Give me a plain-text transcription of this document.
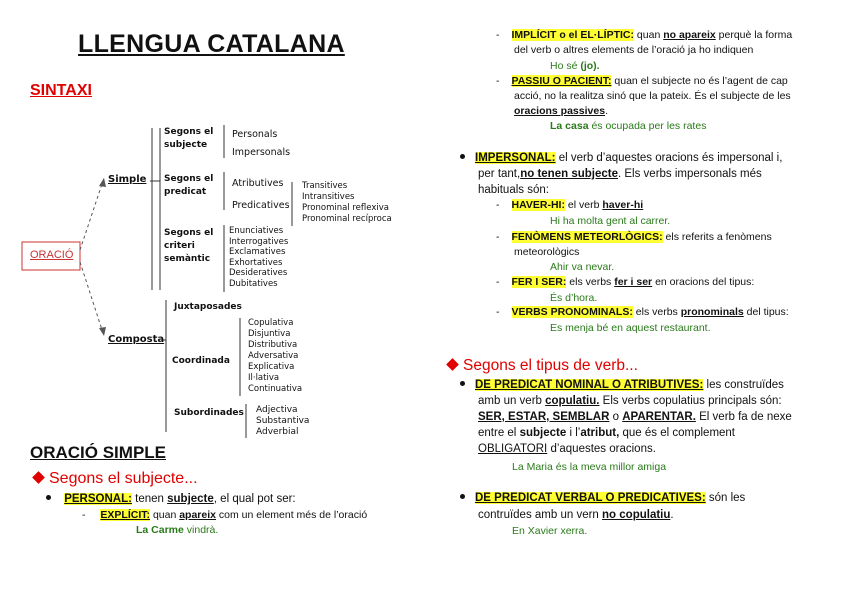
LLENGUA CATALANA
SINTAXI
ORACIÓ
Simple
Composta
Segons el
subjecte
Personals
Impersonals
Segons el
predicat
Atributives
Predicatives
Transitives
Intransitives
Pronominal reflexiva
Pronominal recíproca
Segons el
criteri
semàntic
Enunciatives
Interrogatives
Exclamatives
Exhortatives
Desideratives
Dubitatives
Juxtaposades
Coordinada
Copulativa
Disjuntiva
Distributiva
Adversativa
Explicativa
Il·lativa
Continuativa
Subordinades Adjectiva
Substantiva
Adverbial
ORACIÓ SIMPLE
Segons el subjecte...
PERSONAL: tenen subjecte, el qual pot ser:
- EXPLÍCIT: quan apareix com un element més de l’oració
La Carme vindrà.
- IMPLÍCIT o el EL·LÍPTIC: quan no apareix perquè la forma
del verb o altres elements de l’oració ja ho indiquen
Ho sé (jo).
- PASSIU O PACIENT: quan el subjecte no és l’agent de cap
acció, no la realitza sinó que la pateix. És el subjecte de les
oracions passives.
La casa és ocupada per les rates
IMPERSONAL: el verb d’aquestes oracions és impersonal i,
per tant,no tenen subjecte. Els verbs impersonals més
habituals són:
- HAVER-HI: el verb haver-hi
Hi ha molta gent al carrer.
- FENÒMENS METEORLÒGICS: els referits a fenòmens
meteorològics
Ahir va nevar.
- FER I SER: els verbs fer i ser en oracions del tipus:
És d’hora.
- VERBS PRONOMINALS: els verbs pronominals del tipus:
Es menja bé en aquest restaurant.
Segons el tipus de verb...
DE PREDICAT NOMINAL O ATRIBUTIVES: les construïdes
amb un verb copulatiu. Els verbs copulatius principals són:
SER, ESTAR, SEMBLAR o APARENTAR. El verb fa de nexe
entre el subjecte i l’atribut, que és el complement
OBLIGATORI d’aquestes oracions.
La Maria és la meva millor amiga
DE PREDICAT VERBAL O PREDICATIVES: són les
contruïdes amb un vern no copulatiu.
En Xavier xerra.
